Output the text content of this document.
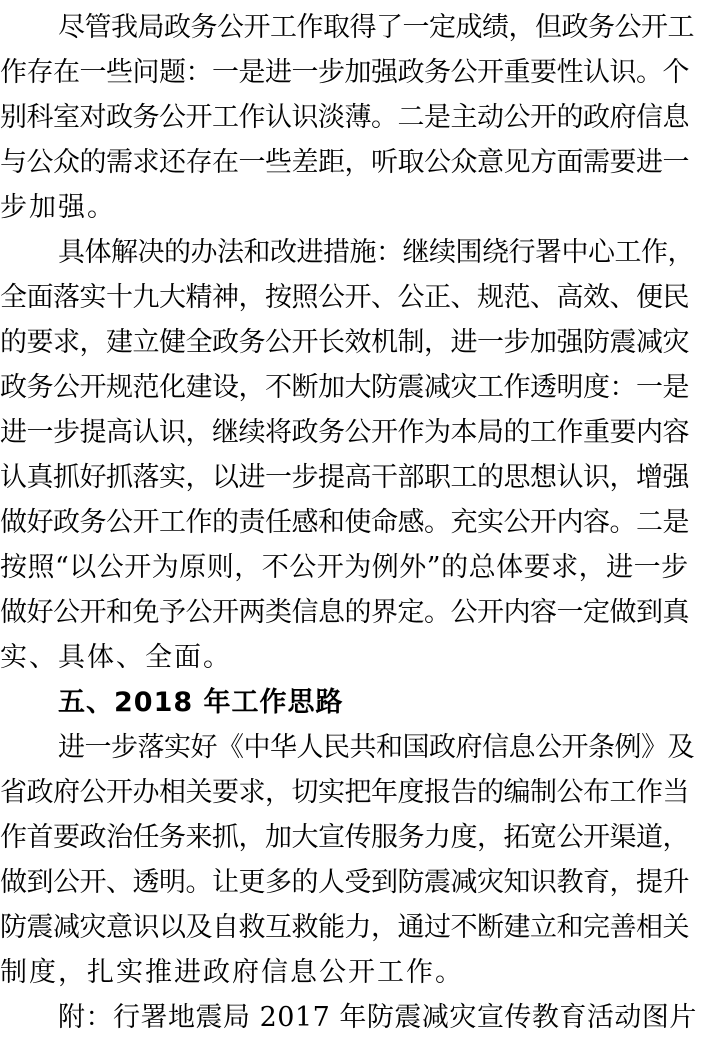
尽管我局政务公开工作取得了一定成绩，但政务公开工
作存在一些问题：一是进一步加强政务公开重要性认识。个
别科室对政务公开工作认识淡薄。二是主动公开的政府信息
与公众的需求还存在一些差距，听取公众意见方面需要进一
步加强。
具体解决的办法和改进措施：继续围绕行署中心工作，
全面落实十九大精神，按照公开、公正、规范、高效、便民
的要求，建立健全政务公开长效机制，进一步加强防震减灾
政务公开规范化建设，不断加大防震减灾工作透明度：一是
进一步提高认识，继续将政务公开作为本局的工作重要内容
认真抓好抓落实，以进一步提高干部职工的思想认识，增强
做好政务公开工作的责任感和使命感。充实公开内容。二是
按照“以公开为原则，不公开为例外”的总体要求，进一步
做好公开和免予公开两类信息的界定。公开内容一定做到真
实、具体、全面。
五、2018 年工作思路
进一步落实好《中华人民共和国政府信息公开条例》及
省政府公开办相关要求，切实把年度报告的编制公布工作当
作首要政治任务来抓，加大宣传服务力度，拓宽公开渠道，
做到公开、透明。让更多的人受到防震减灾知识教育，提升
防震减灾意识以及自救互救能力，通过不断建立和完善相关
制度，扎实推进政府信息公开工作。
附：行署地震局 2017 年防震减灾宣传教育活动图片
